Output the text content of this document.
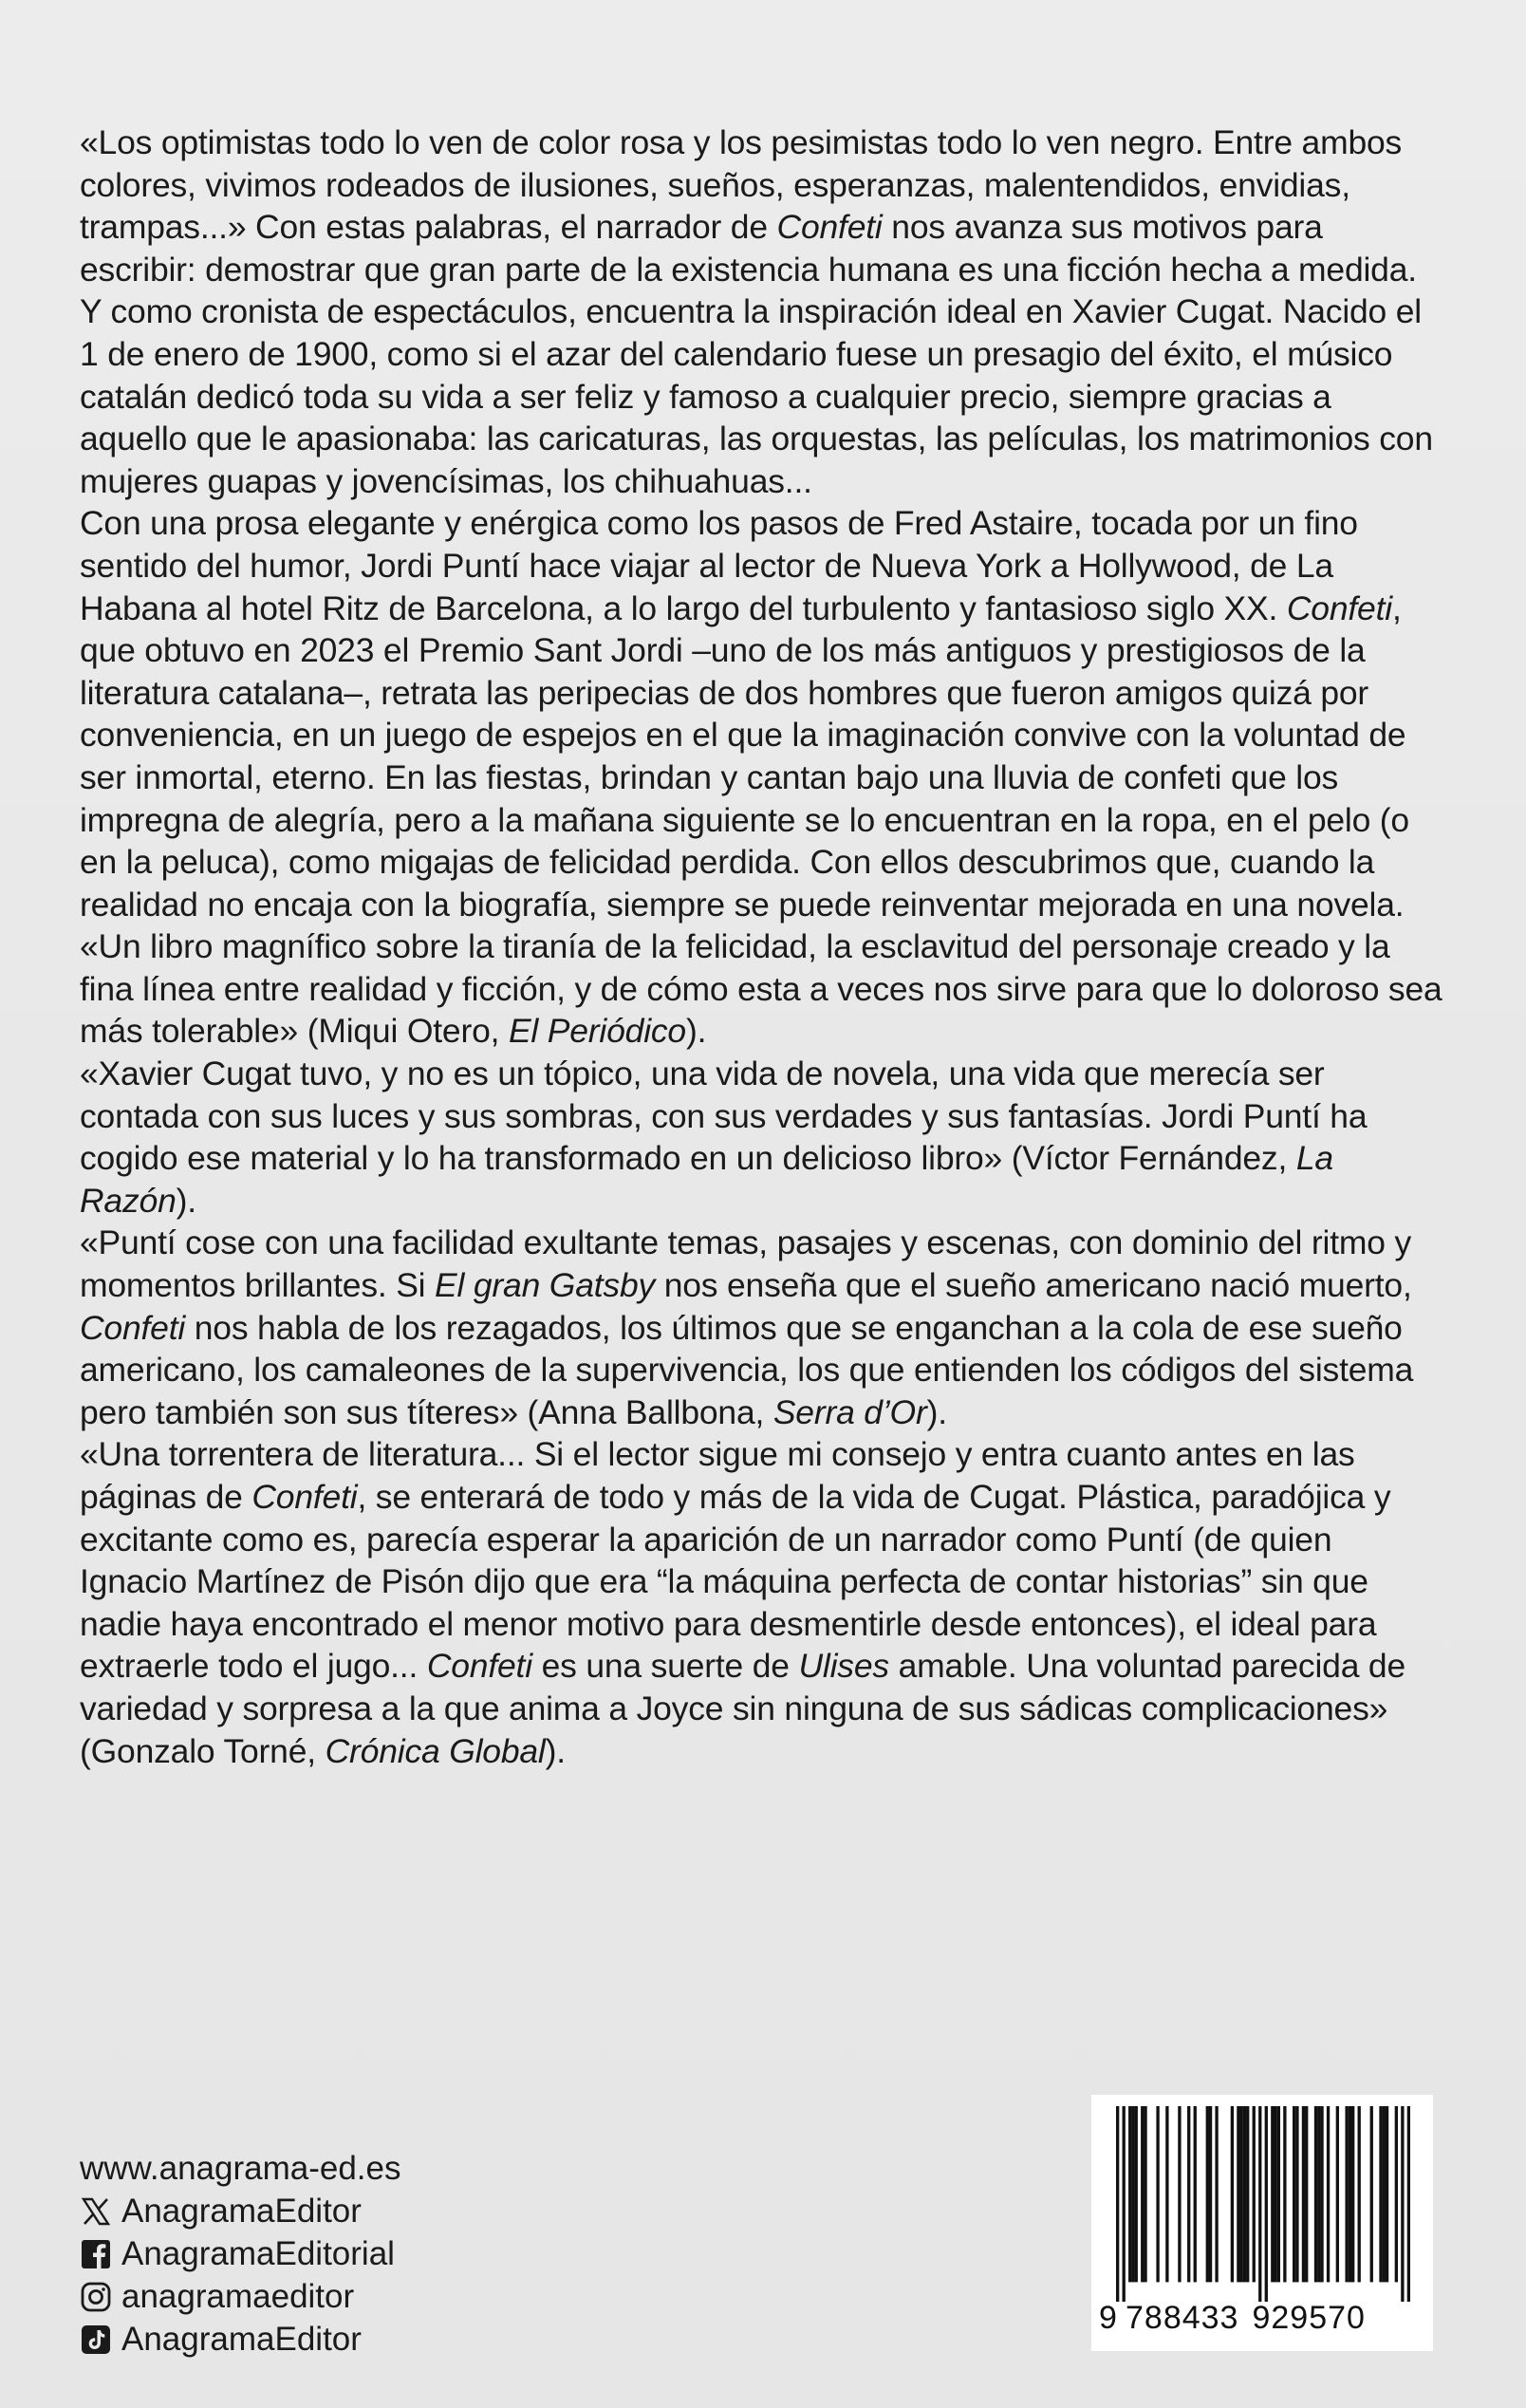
«Los optimistas todo lo ven de color rosa y los pesimistas todo lo ven negro. Entre ambos colores, vivimos rodeados de ilusiones, sueños, esperanzas, malentendidos, envidias, trampas...» Con estas palabras, el narrador de Confeti nos avanza sus motivos para escribir: demostrar que gran parte de la existencia humana es una ficción hecha a medida. Y como cronista de espectáculos, encuentra la inspiración ideal en Xavier Cugat. Nacido el 1 de enero de 1900, como si el azar del calendario fuese un presagio del éxito, el músico catalán dedicó toda su vida a ser feliz y famoso a cualquier precio, siempre gracias a aquello que le apasionaba: las caricaturas, las orquestas, las películas, los matrimonios con mujeres guapas y jovencísimas, los chihuahuas...

Con una prosa elegante y enérgica como los pasos de Fred Astaire, tocada por un fino sentido del humor, Jordi Puntí hace viajar al lector de Nueva York a Hollywood, de La Habana al hotel Ritz de Barcelona, a lo largo del turbulento y fantasioso siglo XX. Confeti, que obtuvo en 2023 el Premio Sant Jordi –uno de los más antiguos y prestigiosos de la literatura catalana–, retrata las peripecias de dos hombres que fueron amigos quizá por conveniencia, en un juego de espejos en el que la imaginación convive con la voluntad de ser inmortal, eterno. En las fiestas, brindan y cantan bajo una lluvia de confeti que los impregna de alegría, pero a la mañana siguiente se lo encuentran en la ropa, en el pelo (o en la peluca), como migajas de felicidad perdida. Con ellos descubrimos que, cuando la realidad no encaja con la biografía, siempre se puede reinventar mejorada en una novela.

«Un libro magnífico sobre la tiranía de la felicidad, la esclavitud del personaje creado y la fina línea entre realidad y ficción, y de cómo esta a veces nos sirve para que lo doloroso sea más tolerable» (Miqui Otero, El Periódico).

«Xavier Cugat tuvo, y no es un tópico, una vida de novela, una vida que merecía ser contada con sus luces y sus sombras, con sus verdades y sus fantasías. Jordi Puntí ha cogido ese material y lo ha transformado en un delicioso libro» (Víctor Fernández, La Razón).

«Puntí cose con una facilidad exultante temas, pasajes y escenas, con dominio del ritmo y momentos brillantes. Si El gran Gatsby nos enseña que el sueño americano nació muerto, Confeti nos habla de los rezagados, los últimos que se enganchan a la cola de ese sueño americano, los camaleones de la supervivencia, los que entienden los códigos del sistema pero también son sus títeres» (Anna Ballbona, Serra d’Or).

«Una torrentera de literatura... Si el lector sigue mi consejo y entra cuanto antes en las páginas de Confeti, se enterará de todo y más de la vida de Cugat. Plástica, paradójica y excitante como es, parecía esperar la aparición de un narrador como Puntí (de quien Ignacio Martínez de Pisón dijo que era “la máquina perfecta de contar historias” sin que nadie haya encontrado el menor motivo para desmentirle desde entonces), el ideal para extraerle todo el jugo... Confeti es una suerte de Ulises amable. Una voluntad parecida de variedad y sorpresa a la que anima a Joyce sin ninguna de sus sádicas complicaciones» (Gonzalo Torné, Crónica Global).

www.anagrama-ed.es
AnagramaEditor
AnagramaEditorial
anagramaeditor
AnagramaEditor
9 788433 929570
